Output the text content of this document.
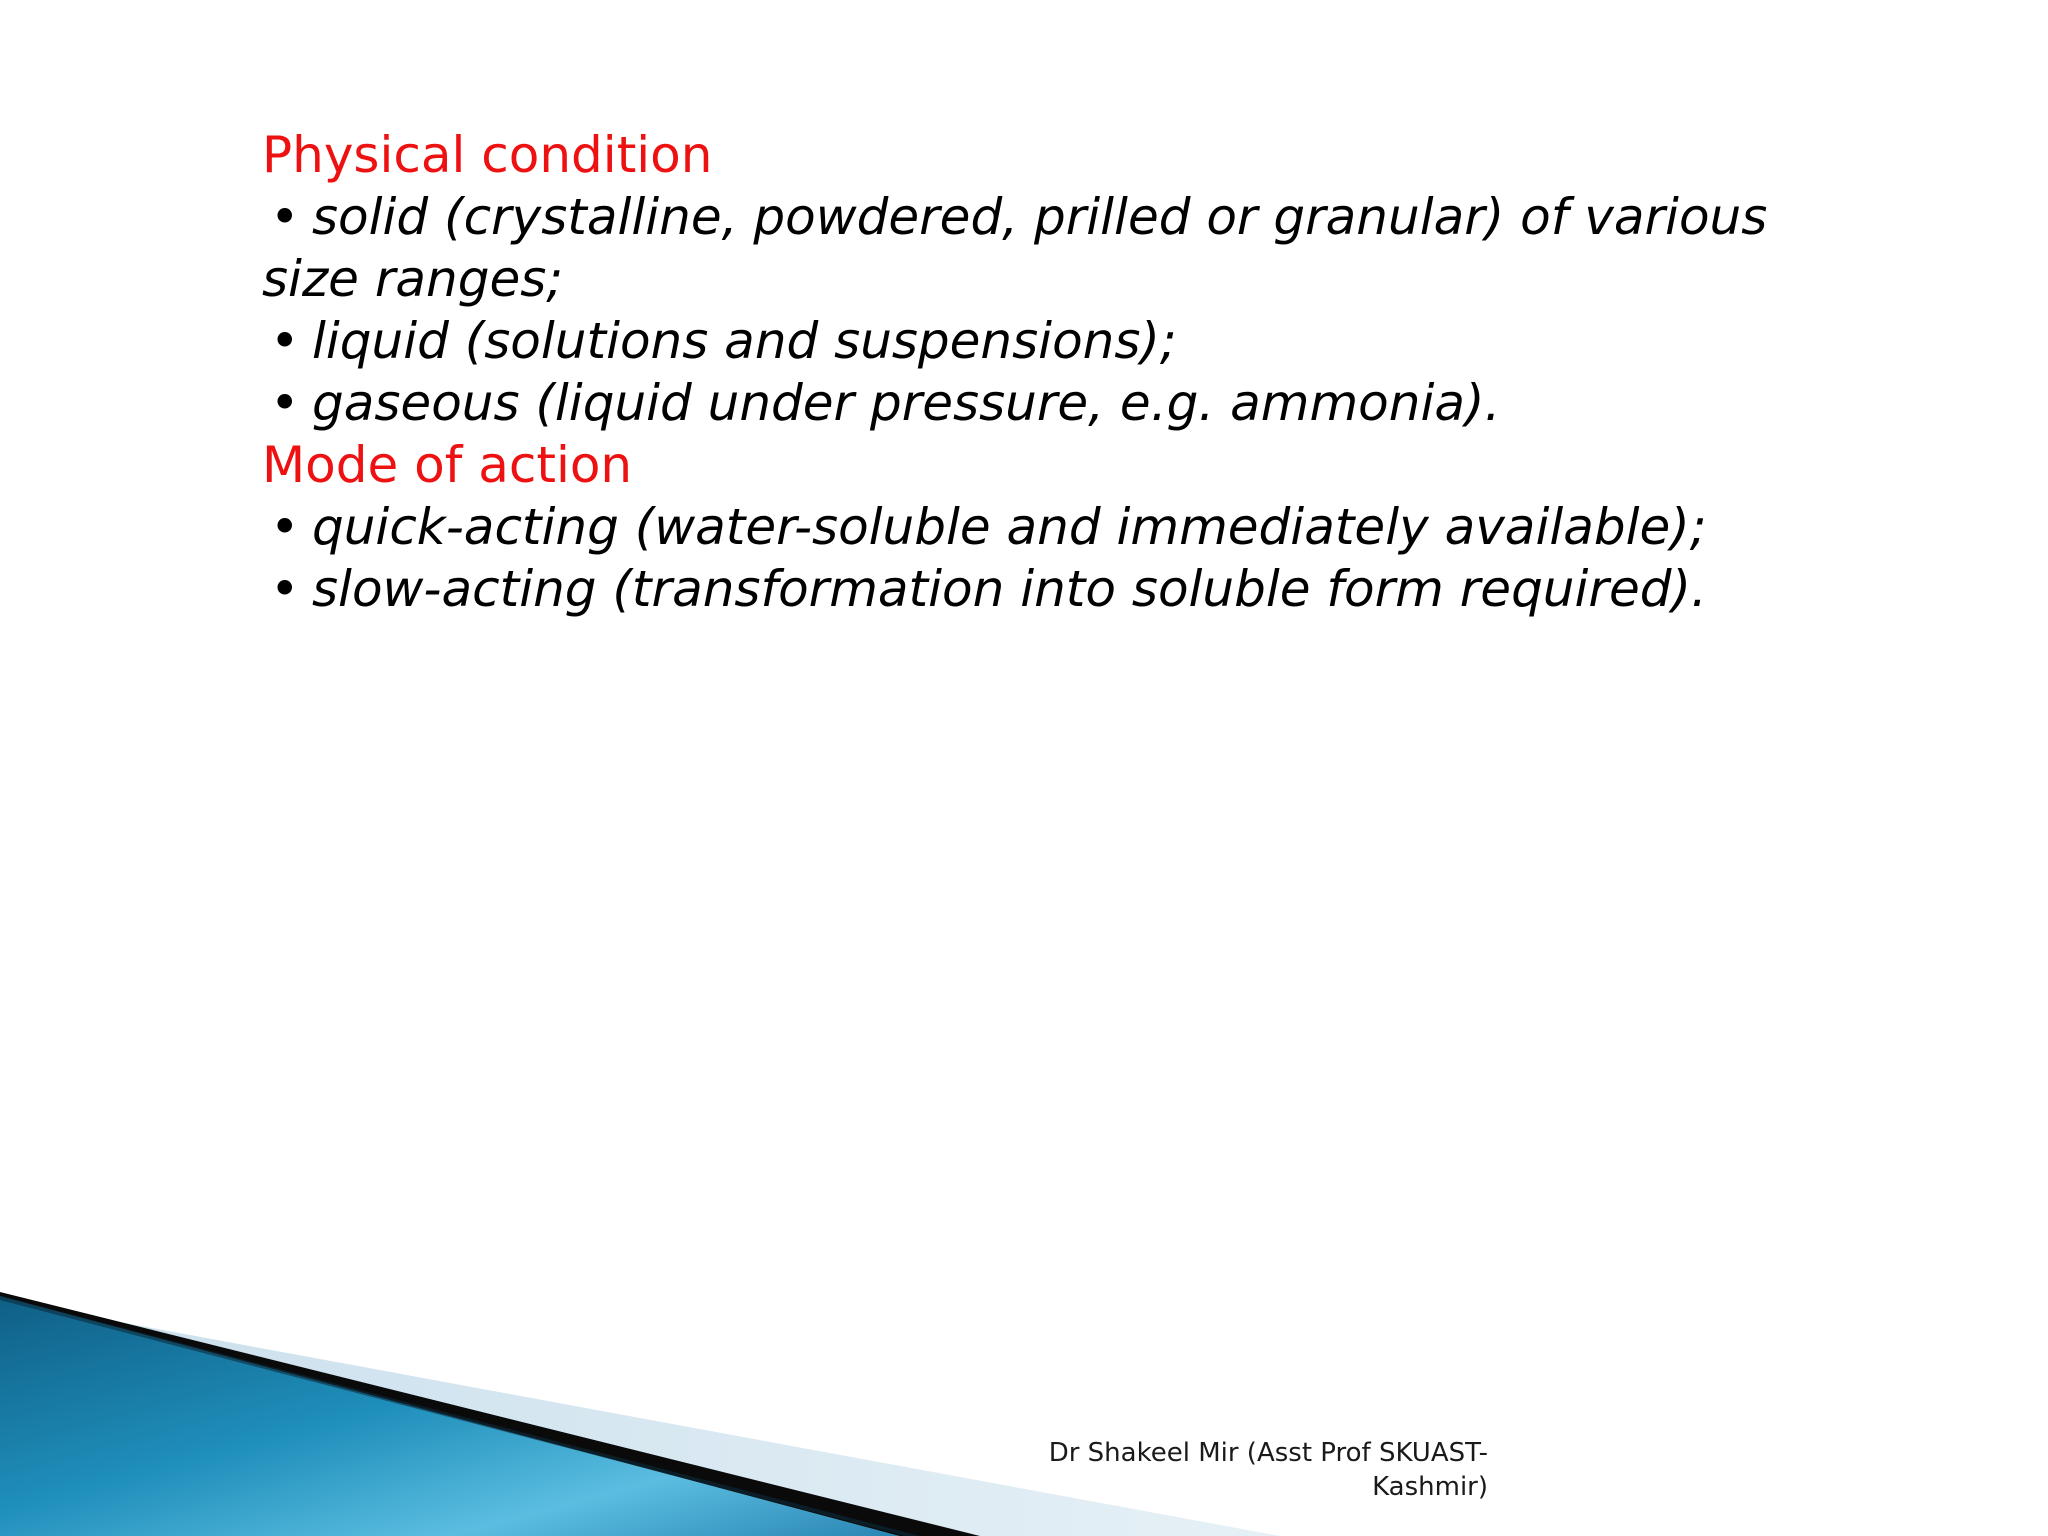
Physical condition
• solid (crystalline, powdered, prilled or granular) of various size ranges;
• liquid (solutions and suspensions);
• gaseous (liquid under pressure, e.g. ammonia).
Mode of action
• quick-acting (water-soluble and immediately available);
• slow-acting (transformation into soluble form required).
Dr Shakeel Mir (Asst Prof SKUAST-
Kashmir)
